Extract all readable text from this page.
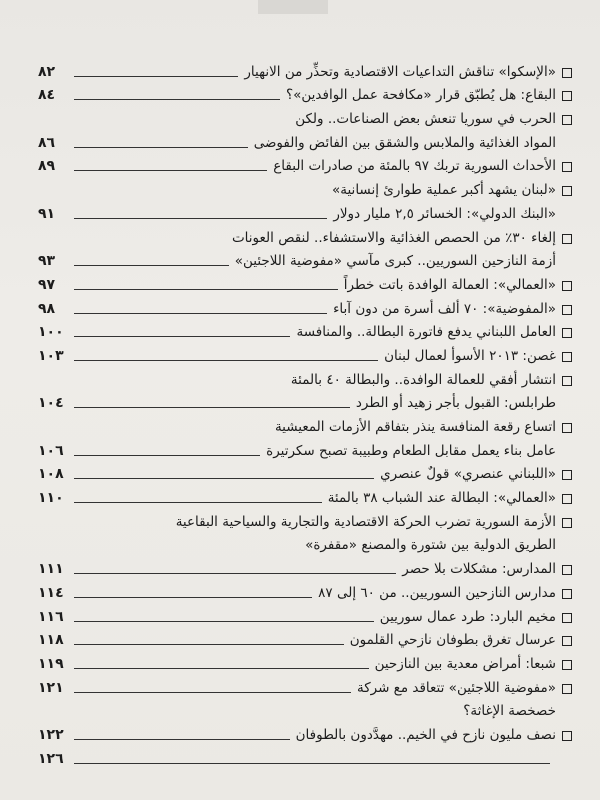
«الإسكوا» تناقش التداعيات الاقتصادية وتحذِّر من الانهيار
٨٢
البقاع: هل يُطبّق قرار «مكافحة عمل الوافدين»؟
٨٤
الحرب في سوريا تنعش بعض الصناعات.. ولكن
المواد الغذائية والملابس والشقق بين الفائض والفوضى
٨٦
الأحداث السورية تربك ٩٧ بالمئة من صادرات البقاع
٨٩
«لبنان يشهد أكبر عملية طوارئ إنسانية»
«البنك الدولي»: الخسائر ٢,٥ مليار دولار
٩١
إلغاء ٣٠٪ من الحصص الغذائية والاستشفاء.. لنقص العونات
أزمة النازحين السوريين.. كبرى مآسي «مفوضية اللاجئين»
٩٣
«العمالي»: العمالة الوافدة باتت خطراً
٩٧
«المفوضية»: ٧٠ ألف أسرة من دون آباء
٩٨
العامل اللبناني يدفع فاتورة البطالة.. والمنافسة
١٠٠
غصن: ٢٠١٣ الأسوأ لعمال لبنان
١٠٣
انتشار أفقي للعمالة الوافدة.. والبطالة ٤٠ بالمئة
طرابلس: القبول بأجر زهيد أو الطرد
١٠٤
اتساع رقعة المنافسة ينذر بتفاقم الأزمات المعيشية
عامل بناء يعمل مقابل الطعام وطبيبة تصبح سكرتيرة
١٠٦
«اللبناني عنصري» قولٌ عنصري
١٠٨
«العمالي»: البطالة عند الشباب ٣٨ بالمئة
١١٠
الأزمة السورية تضرب الحركة الاقتصادية والتجارية والسياحية البقاعية
الطريق الدولية بين شتورة والمصنع «مقفرة»
المدارس: مشكلات بلا حصر
١١١
مدارس النازحين السوريين.. من ٦٠ إلى ٨٧
١١٤
مخيم البارد: طرد عمال سوريين
١١٦
عرسال تغرق بطوفان نازحي القلمون
١١٨
شبعا: أمراض معدية بين النازحين
١١٩
«مفوضية اللاجئين» تتعاقد مع شركة
١٢١
خصخصة الإغاثة؟
نصف مليون نازح في الخيم.. مهدَّدون بالطوفان
١٢٢
١٢٦
